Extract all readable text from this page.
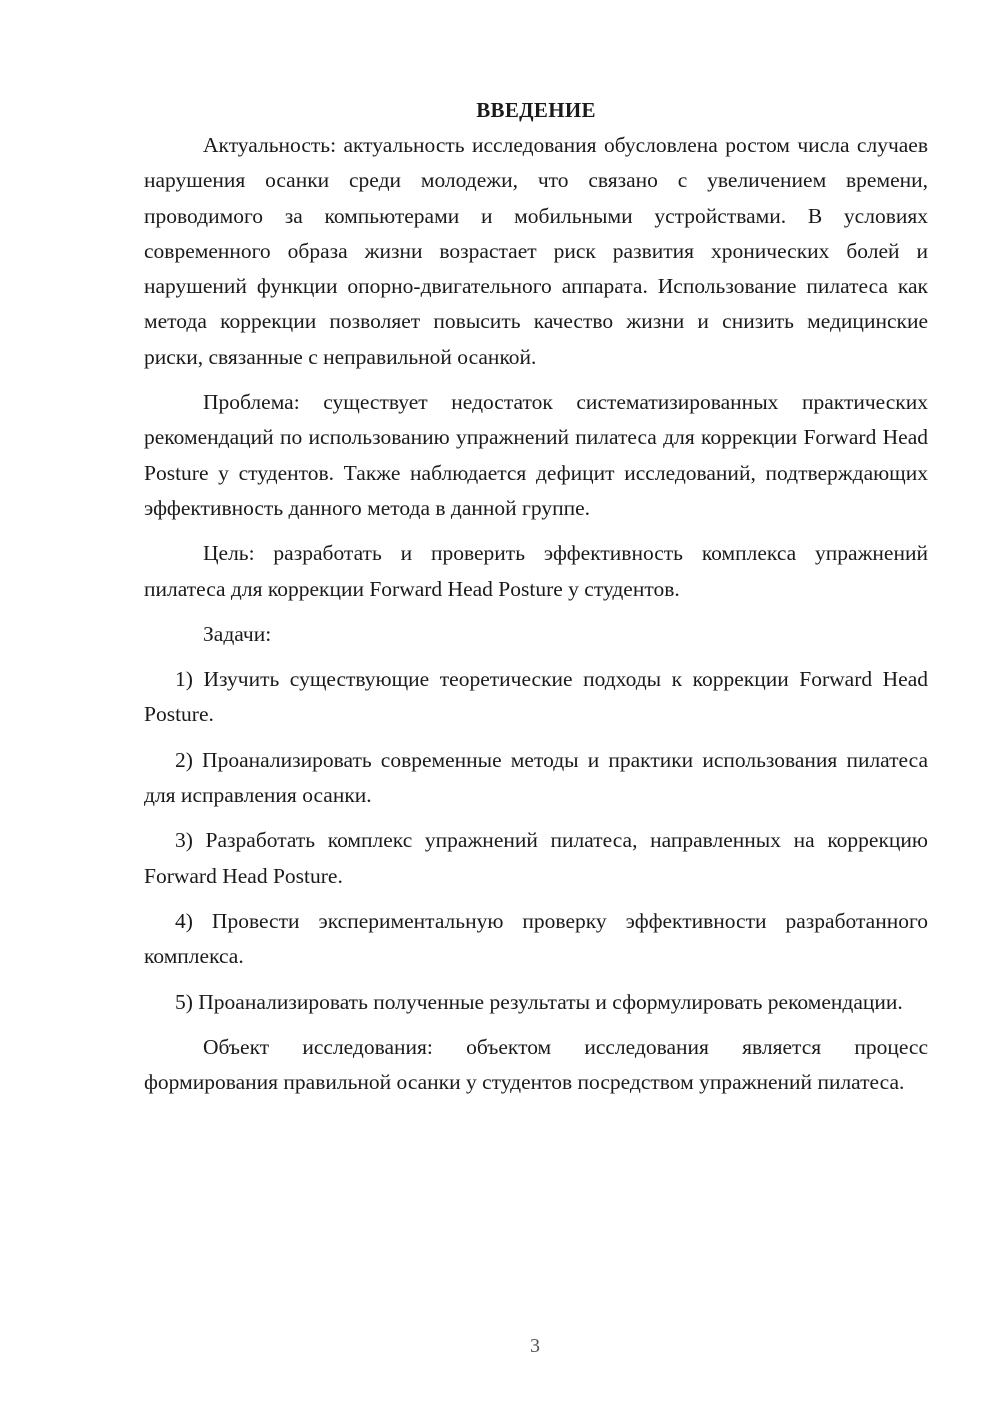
ВВЕДЕНИЕ

Актуальность: актуальность исследования обусловлена ростом числа случаев нарушения осанки среди молодежи, что связано с увеличением времени, проводимого за компьютерами и мобильными устройствами. В условиях современного образа жизни возрастает риск развития хронических болей и нарушений функции опорно-двигательного аппарата. Использование пилатеса как метода коррекции позволяет повысить качество жизни и снизить медицинские риски, связанные с неправильной осанкой.

Проблема: существует недостаток систематизированных практических рекомендаций по использованию упражнений пилатеса для коррекции Forward Head Posture у студентов. Также наблюдается дефицит исследований, подтверждающих эффективность данного метода в данной группе.

Цель: разработать и проверить эффективность комплекса упражнений пилатеса для коррекции Forward Head Posture у студентов.

Задачи:

1) Изучить существующие теоретические подходы к коррекции Forward Head Posture.

2) Проанализировать современные методы и практики использования пилатеса для исправления осанки.

3) Разработать комплекс упражнений пилатеса, направленных на коррекцию Forward Head Posture.

4) Провести экспериментальную проверку эффективности разработанного комплекса.

5) Проанализировать полученные результаты и сформулировать рекомендации.

Объект исследования: объектом исследования является процесс формирования правильной осанки у студентов посредством упражнений пилатеса.

3
